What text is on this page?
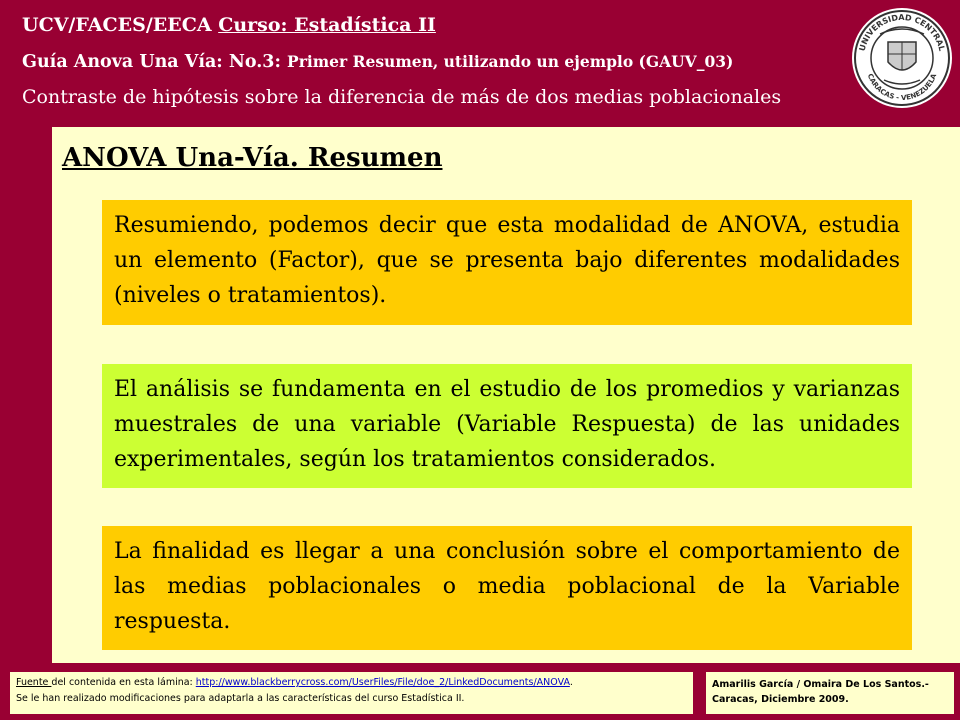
UCV/FACES/EECA Curso: Estadística II
Guía Anova Una Vía: No.3: Primer Resumen, utilizando un ejemplo (GAUV_03)
Contraste de hipótesis sobre la diferencia de más de dos medias poblacionales
UNIVERSIDAD CENTRAL
CARACAS - VENEZUELA
ANOVA Una-Vía. Resumen
Resumiendo, podemos decir que esta modalidad de ANOVA, estudia un elemento (Factor), que se presenta bajo diferentes modalidades (niveles o tratamientos).
El análisis se fundamenta en el estudio de los promedios y varianzas muestrales de una variable (Variable Respuesta) de las unidades experimentales, según los tratamientos considerados.
La finalidad es llegar a una conclusión sobre el comportamiento de las medias poblacionales o media poblacional de la Variable respuesta.
Fuente del contenida en esta lámina: http://www.blackberrycross.com/UserFiles/File/doe_2/LinkedDocuments/ANOVA.
Se le han realizado modificaciones para adaptarla a las características del curso Estadística II.
Amarilis García / Omaira De Los Santos.-
Caracas, Diciembre 2009.
